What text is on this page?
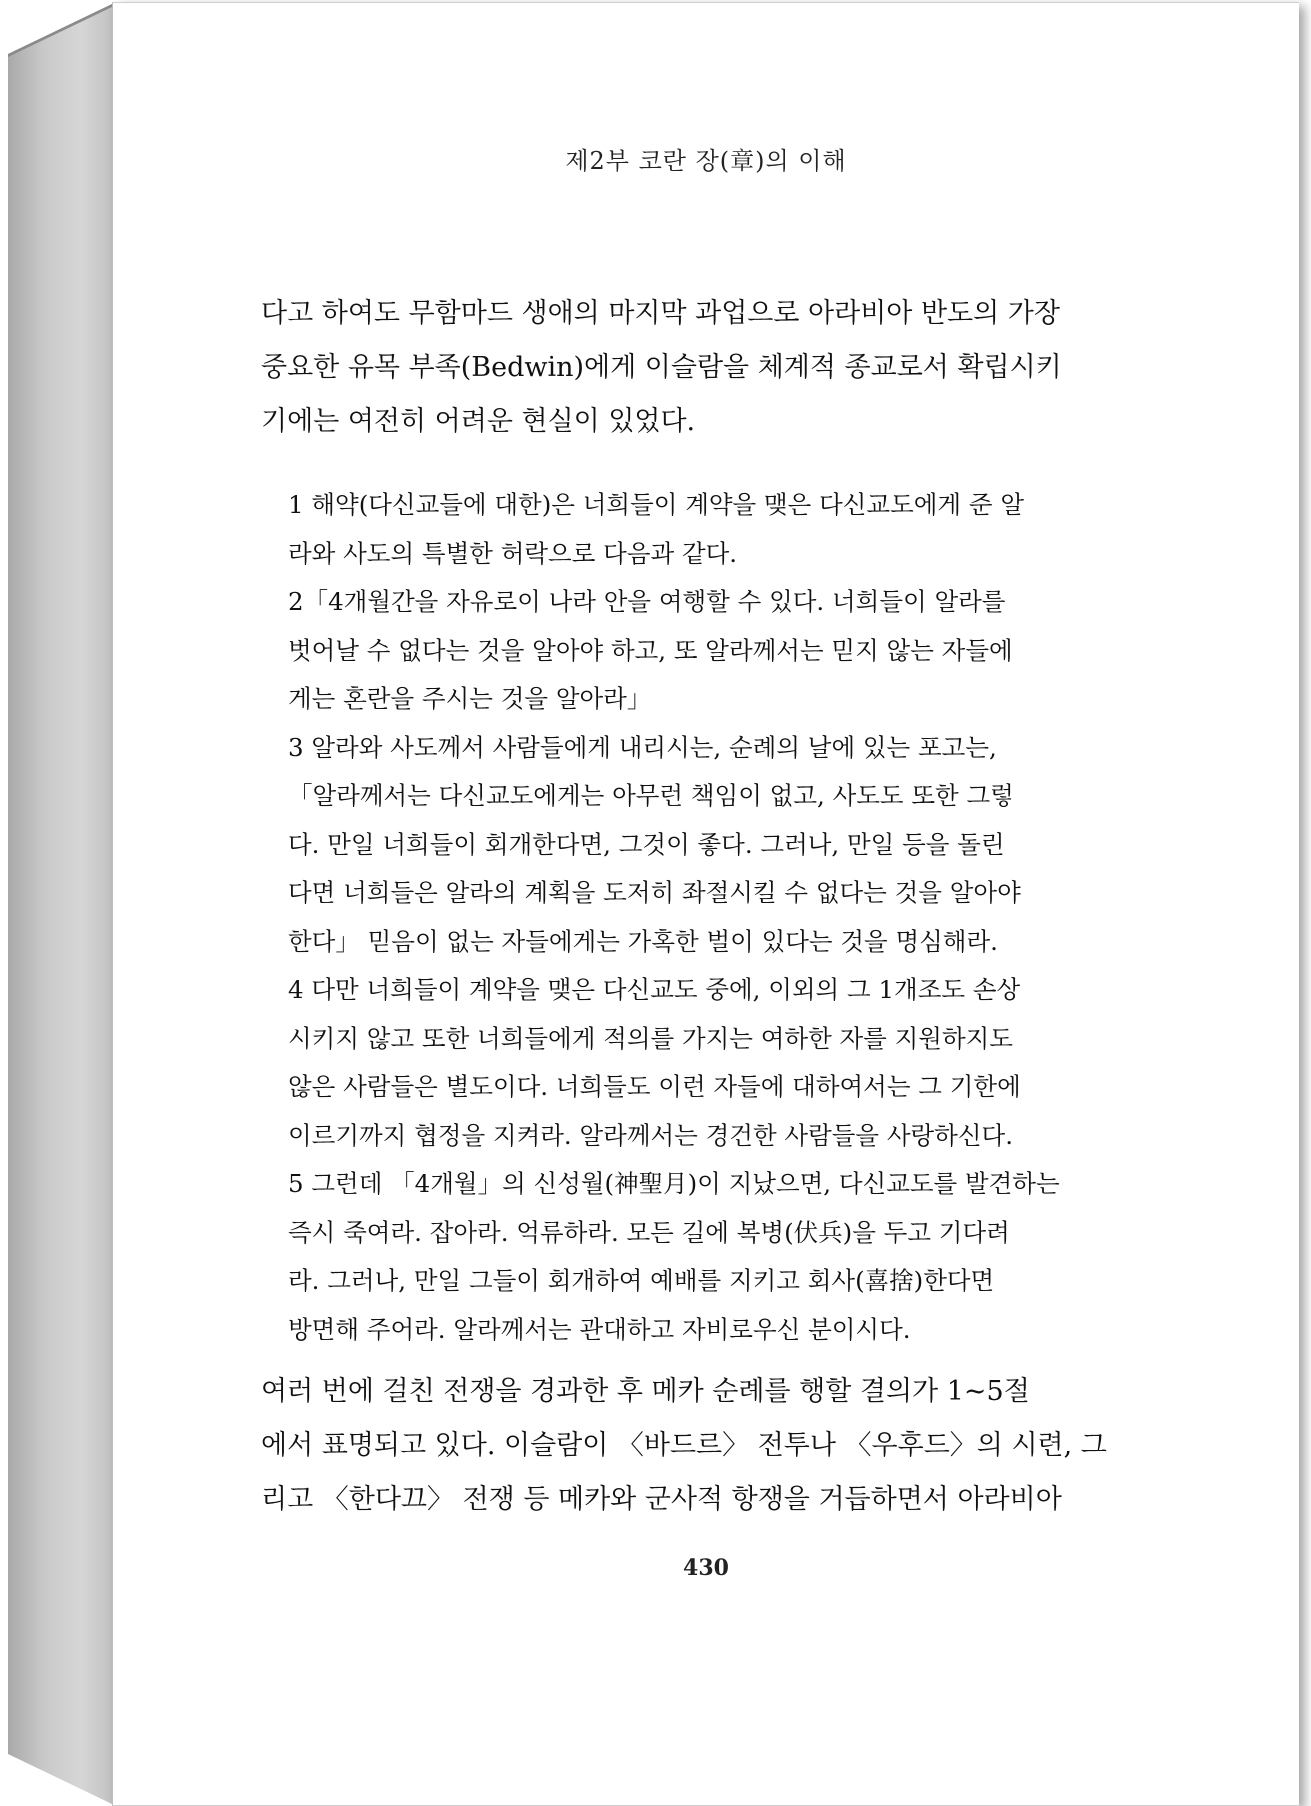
제2부 코란 장(章)의 이해
다고 하여도 무함마드 생애의 마지막 과업으로 아라비아 반도의 가장
중요한 유목 부족(Bedwin)에게 이슬람을 체계적 종교로서 확립시키
기에는 여전히 어려운 현실이 있었다.
1 해약(다신교들에 대한)은 너희들이 계약을 맺은 다신교도에게 준 알
라와 사도의 특별한 허락으로 다음과 같다.
2「4개월간을 자유로이 나라 안을 여행할 수 있다. 너희들이 알라를
벗어날 수 없다는 것을 알아야 하고, 또 알라께서는 믿지 않는 자들에
게는 혼란을 주시는 것을 알아라」
3 알라와 사도께서 사람들에게 내리시는, 순례의 날에 있는 포고는,
「알라께서는 다신교도에게는 아무런 책임이 없고, 사도도 또한 그렇
다. 만일 너희들이 회개한다면, 그것이 좋다. 그러나, 만일 등을 돌린
다면 너희들은 알라의 계획을 도저히 좌절시킬 수 없다는 것을 알아야
한다」 믿음이 없는 자들에게는 가혹한 벌이 있다는 것을 명심해라.
4 다만 너희들이 계약을 맺은 다신교도 중에, 이외의 그 1개조도 손상
시키지 않고 또한 너희들에게 적의를 가지는 여하한 자를 지원하지도
않은 사람들은 별도이다. 너희들도 이런 자들에 대하여서는 그 기한에
이르기까지 협정을 지켜라. 알라께서는 경건한 사람들을 사랑하신다.
5 그런데 「4개월」의 신성월(神聖月)이 지났으면, 다신교도를 발견하는
즉시 죽여라. 잡아라. 억류하라. 모든 길에 복병(伏兵)을 두고 기다려
라. 그러나, 만일 그들이 회개하여 예배를 지키고 회사(喜捨)한다면
방면해 주어라. 알라께서는 관대하고 자비로우신 분이시다.
여러 번에 걸친 전쟁을 경과한 후 메카 순례를 행할 결의가 1~5절
에서 표명되고 있다. 이슬람이 〈바드르〉 전투나 〈우후드〉의 시련, 그
리고 〈한다끄〉 전쟁 등 메카와 군사적 항쟁을 거듭하면서 아라비아
430
